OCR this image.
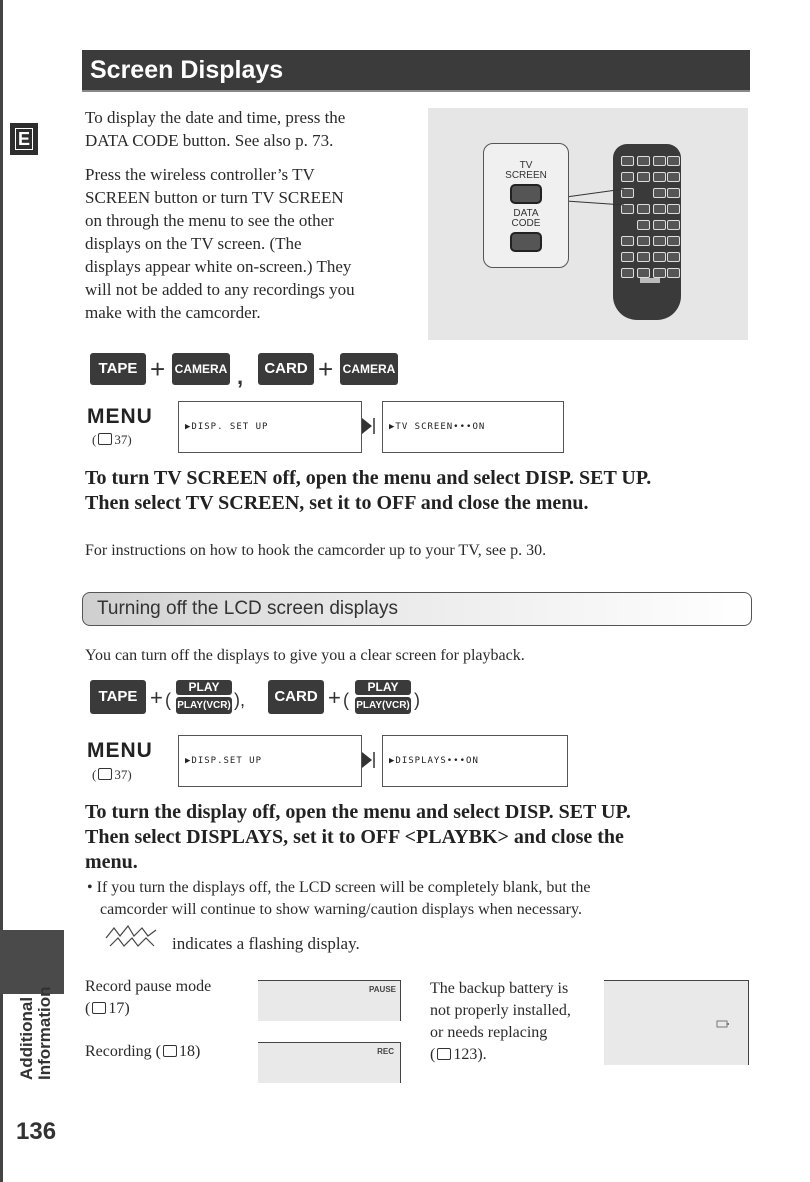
Screen Displays
E
To display the date and time, press the
DATA CODE button. See also p. 73.
Press the wireless controller’s TV
SCREEN button or turn TV SCREEN
on through the menu to see the other
displays on the TV screen. (The
displays appear white on-screen.) They
will not be added to any recordings you
make with the camcorder.
TV
SCREEN
DATA
CODE
TAPE + CAMERA ,	CARD + CAMERA
MENU
( 37)
▶DISP. SET UP	▶TV SCREEN•••ON
To turn TV SCREEN off, open the menu and select DISP. SET UP.
Then select TV SCREEN, set it to OFF and close the menu.
For instructions on how to hook the camcorder up to your TV, see p. 30.
Turning off the LCD screen displays
You can turn off the displays to give you a clear screen for playback.
TAPE + (
PLAY
PLAY(VCR) ),	CARD + (
PLAY
PLAY(VCR) )
MENU
( 37)
▶DISP.SET UP	▶DISPLAYS•••ON
To turn the display off, open the menu and select DISP. SET UP.
Then select DISPLAYS, set it to OFF <PLAYBK> and close the
menu.
• If you turn the displays off, the LCD screen will be completely blank, but the
camcorder will continue to show warning/caution displays when necessary.
indicates a flashing display.
Record pause mode
( 17)
PAUSE
Recording ( 18)	REC
The backup battery is
not properly installed,
or needs replacing
( 123).
Additional Information
136
